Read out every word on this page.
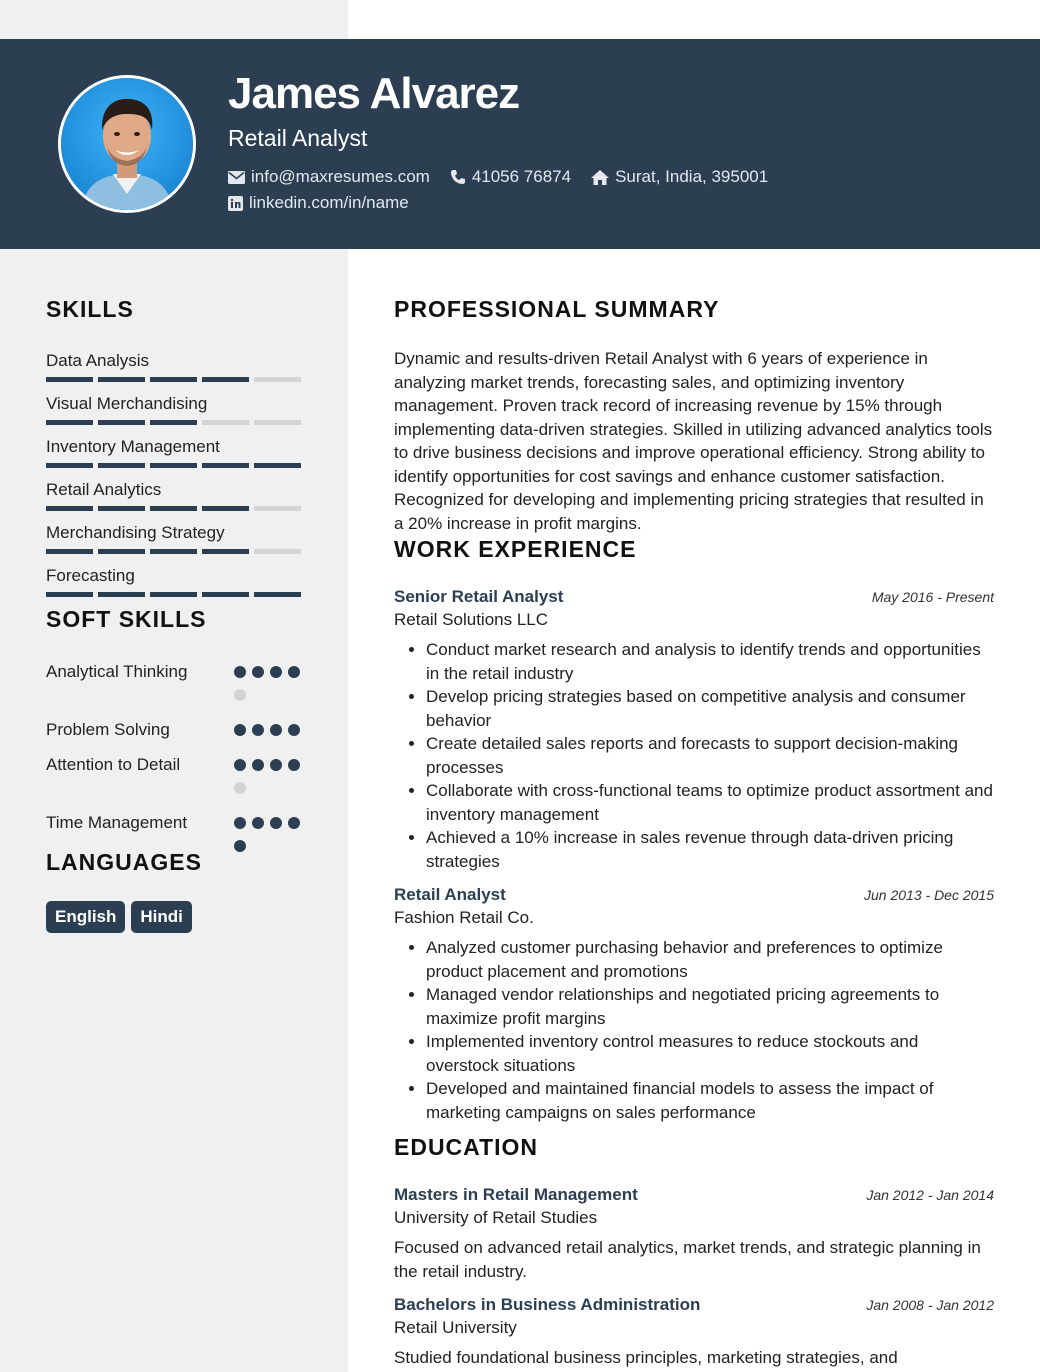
James Alvarez
Retail Analyst
info@maxresumes.com 41056 76874	Surat, India, 395001
linkedin.com/in/name
SKILLS
Data Analysis
Visual Merchandising
Inventory Management
Retail Analytics
Merchandising Strategy
Forecasting
SOFT SKILLS
Analytical Thinking
Problem Solving
Attention to Detail
Time Management
LANGUAGES
English	Hindi
PROFESSIONAL SUMMARY
Dynamic and results-driven Retail Analyst with 6 years of experience in analyzing market trends, forecasting sales, and optimizing inventory management. Proven track record of increasing revenue by 15% through implementing data-driven strategies. Skilled in utilizing advanced analytics tools to drive business decisions and improve operational efficiency. Strong ability to identify opportunities for cost savings and enhance customer satisfaction. Recognized for developing and implementing pricing strategies that resulted in a 20% increase in profit margins.
WORK EXPERIENCE
Senior Retail Analyst	May 2016 - Present
Retail Solutions LLC
• Conduct market research and analysis to identify trends and opportunities in the retail industry
• Develop pricing strategies based on competitive analysis and consumer behavior
• Create detailed sales reports and forecasts to support decision-making processes
• Collaborate with cross-functional teams to optimize product assortment and inventory management
• Achieved a 10% increase in sales revenue through data-driven pricing strategies
Retail Analyst	Jun 2013 - Dec 2015
Fashion Retail Co.
• Analyzed customer purchasing behavior and preferences to optimize product placement and promotions
• Managed vendor relationships and negotiated pricing agreements to maximize profit margins
• Implemented inventory control measures to reduce stockouts and overstock situations
• Developed and maintained financial models to assess the impact of marketing campaigns on sales performance
EDUCATION
Masters in Retail Management	Jan 2012 - Jan 2014
University of Retail Studies
Focused on advanced retail analytics, market trends, and strategic planning in the retail industry.
Bachelors in Business Administration	Jan 2008 - Jan 2012
Retail University
Studied foundational business principles, marketing strategies, and
